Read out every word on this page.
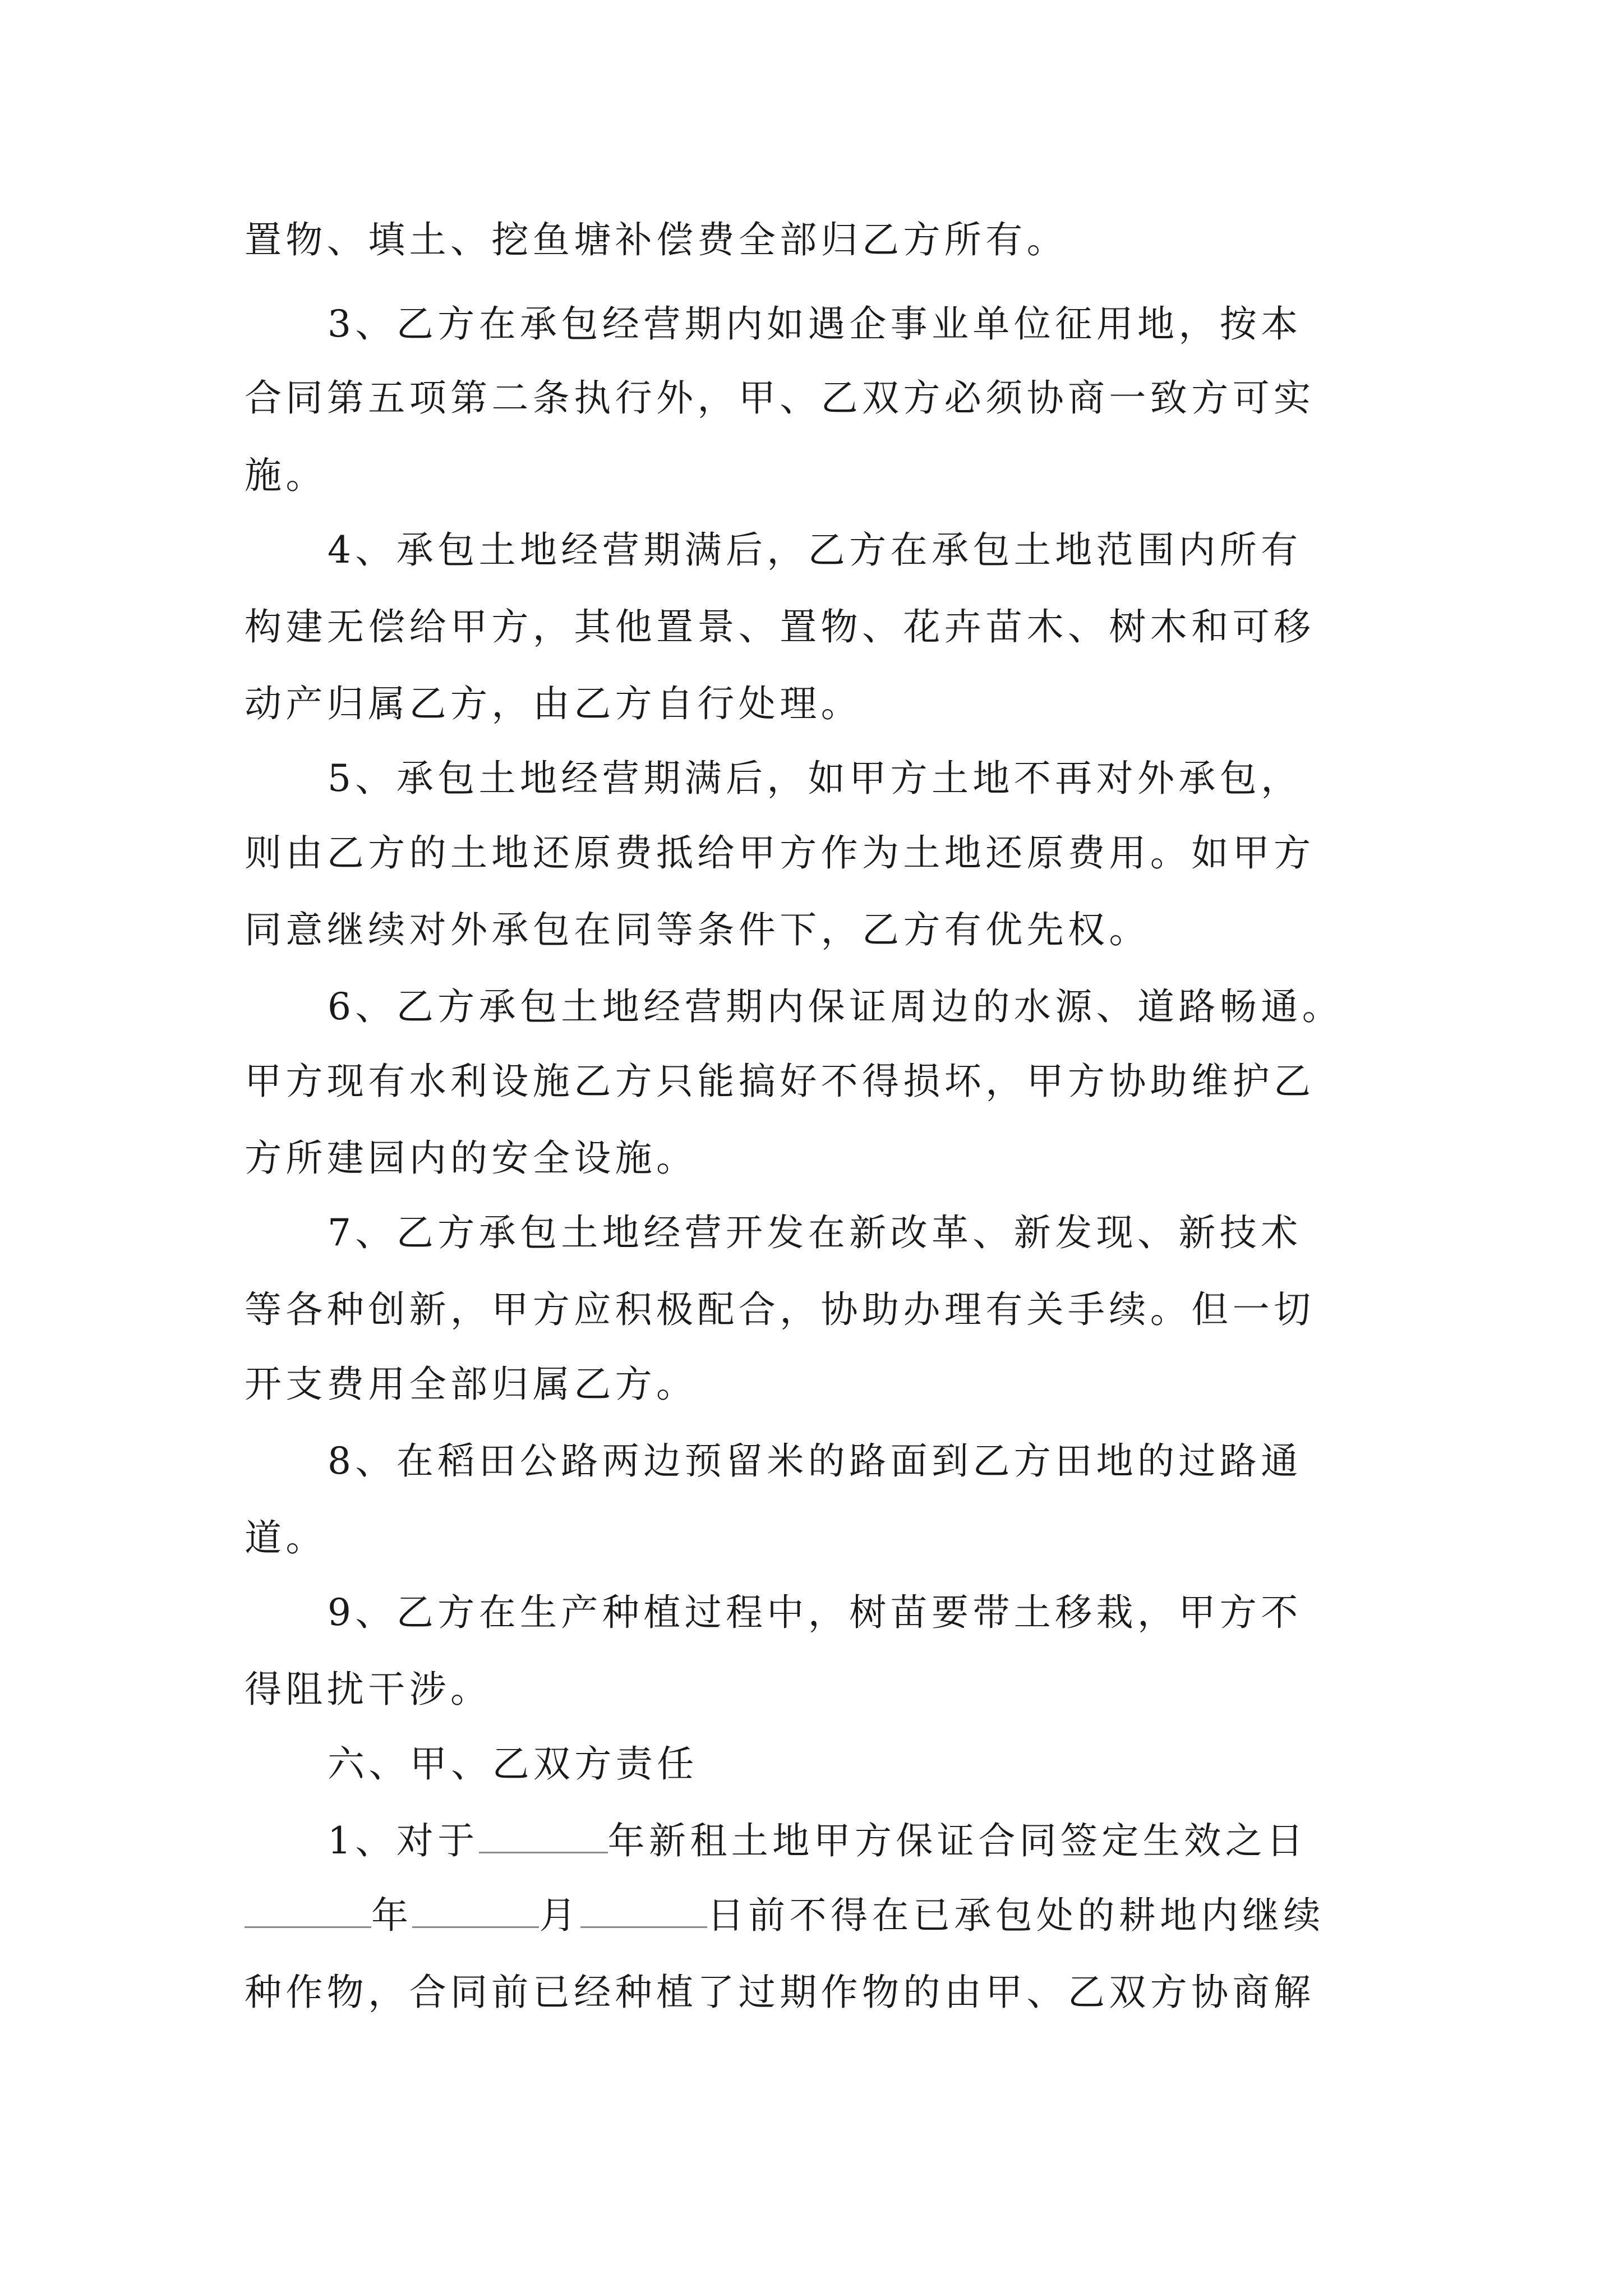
置物、填土、挖鱼塘补偿费全部归乙方所有。
3、乙方在承包经营期内如遇企事业单位征用地，按本
合同第五项第二条执行外，甲、乙双方必须协商一致方可实
施。
4、承包土地经营期满后，乙方在承包土地范围内所有
构建无偿给甲方，其他置景、置物、花卉苗木、树木和可移
动产归属乙方，由乙方自行处理。
5、承包土地经营期满后，如甲方土地不再对外承包，
则由乙方的土地还原费抵给甲方作为土地还原费用。如甲方
同意继续对外承包在同等条件下，乙方有优先权。
6、乙方承包土地经营期内保证周边的水源、道路畅通。
甲方现有水利设施乙方只能搞好不得损坏，甲方协助维护乙
方所建园内的安全设施。
7、乙方承包土地经营开发在新改革、新发现、新技术
等各种创新，甲方应积极配合，协助办理有关手续。但一切
开支费用全部归属乙方。
8、在稻田公路两边预留米的路面到乙方田地的过路通
道。
9、乙方在生产种植过程中，树苗要带土移栽，甲方不
得阻扰干涉。
六、甲、乙双方责任
1、对于	年新租土地甲方保证合同签定生效之日
年	月	日前不得在已承包处的耕地内继续
种作物，合同前已经种植了过期作物的由甲、乙双方协商解
